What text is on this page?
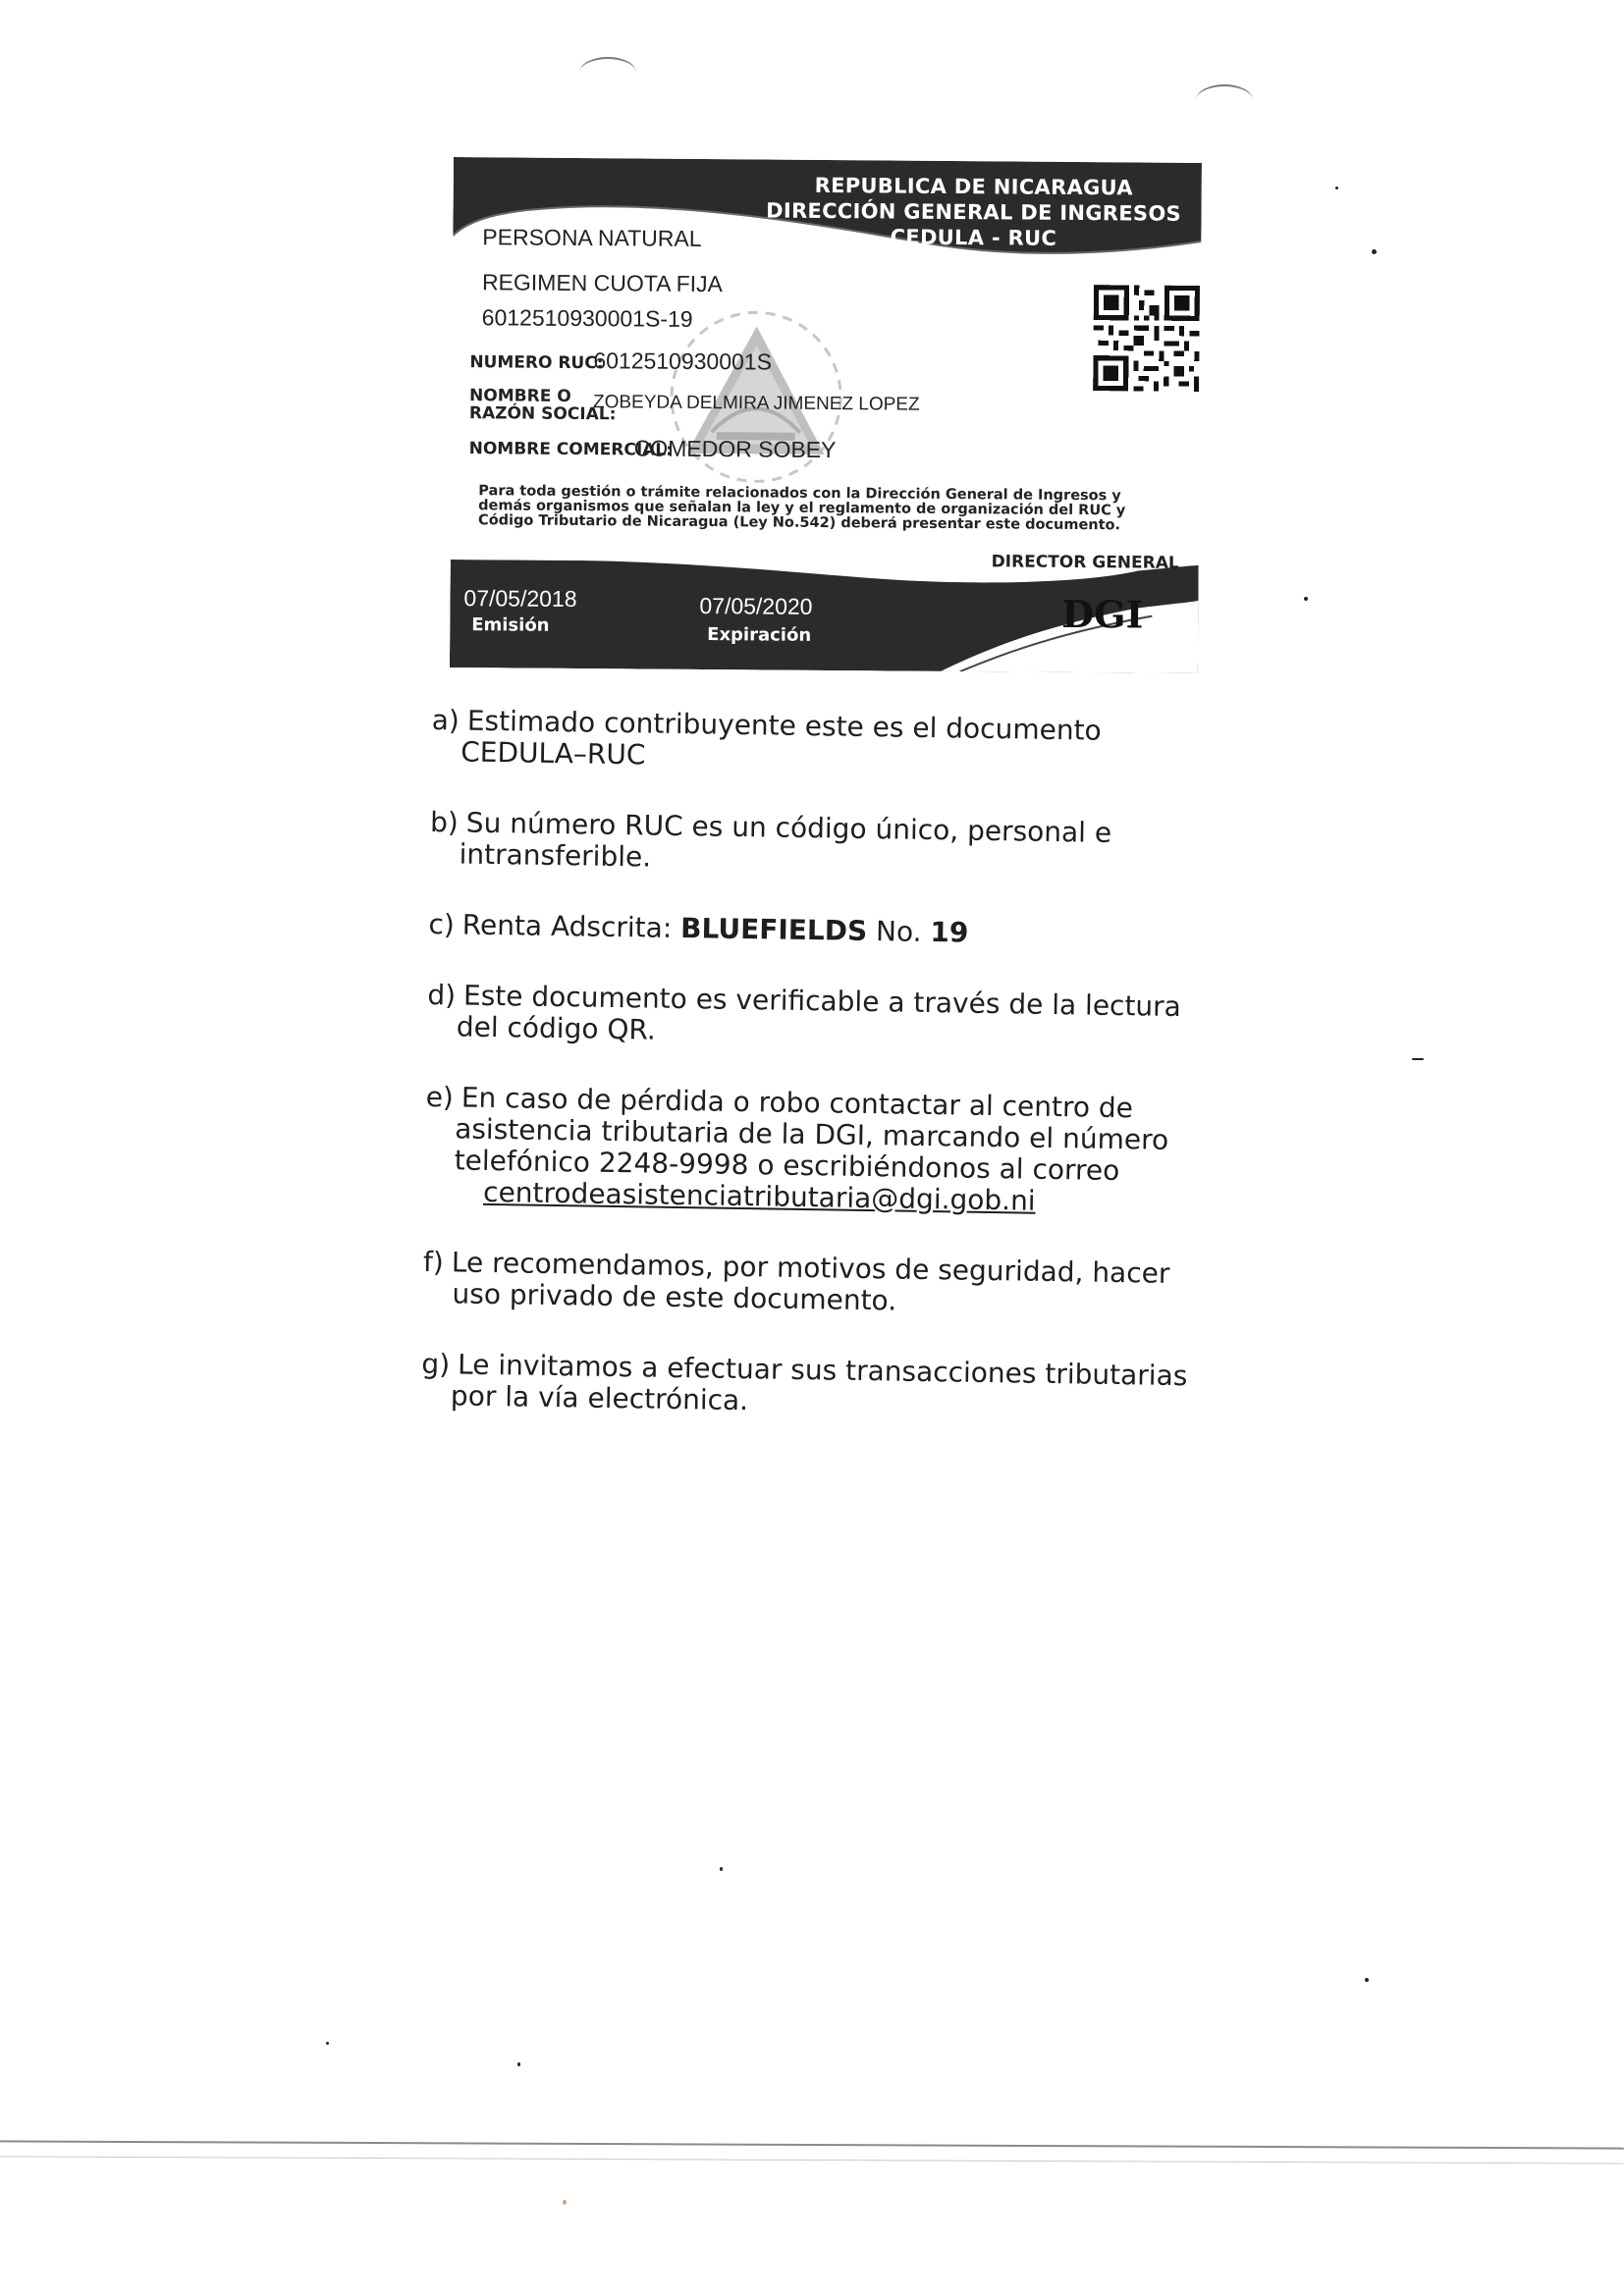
REPUBLICA DE NICARAGUA
DIRECCIÓN GENERAL DE INGRESOS
CEDULA - RUC
PERSONA NATURAL
REGIMEN CUOTA FIJA
6012510930001S-19
NUMERO RUC:
6012510930001S
NOMBRE O
RAZÓN SOCIAL:
ZOBEYDA DELMIRA JIMENEZ LOPEZ
NOMBRE COMERCIAL:
COMEDOR SOBEY
Para toda gestión o trámite relacionados con la Dirección General de Ingresos y demás organismos que señalan la ley y el reglamento de organización del RUC y Código Tributario de Nicaragua (Ley No.542) deberá presentar este documento.
07/05/2018
Emisión
07/05/2020
Expiración
DIRECTOR GENERAL
DGI
a) Estimado contribuyente este es el documento CEDULA–RUC
b) Su número RUC es un código único, personal e intransferible.
c) Renta Adscrita: BLUEFIELDS No. 19
d) Este documento es verificable a través de la lectura del código QR.
e) En caso de pérdida o robo contactar al centro de asistencia tributaria de la DGI, marcando el número telefónico 2248-9998 o escribiéndonos al correo
centrodeasistenciatributaria@dgi.gob.ni
f) Le recomendamos, por motivos de seguridad, hacer uso privado de este documento.
g) Le invitamos a efectuar sus transacciones tributarias por la vía electrónica.
